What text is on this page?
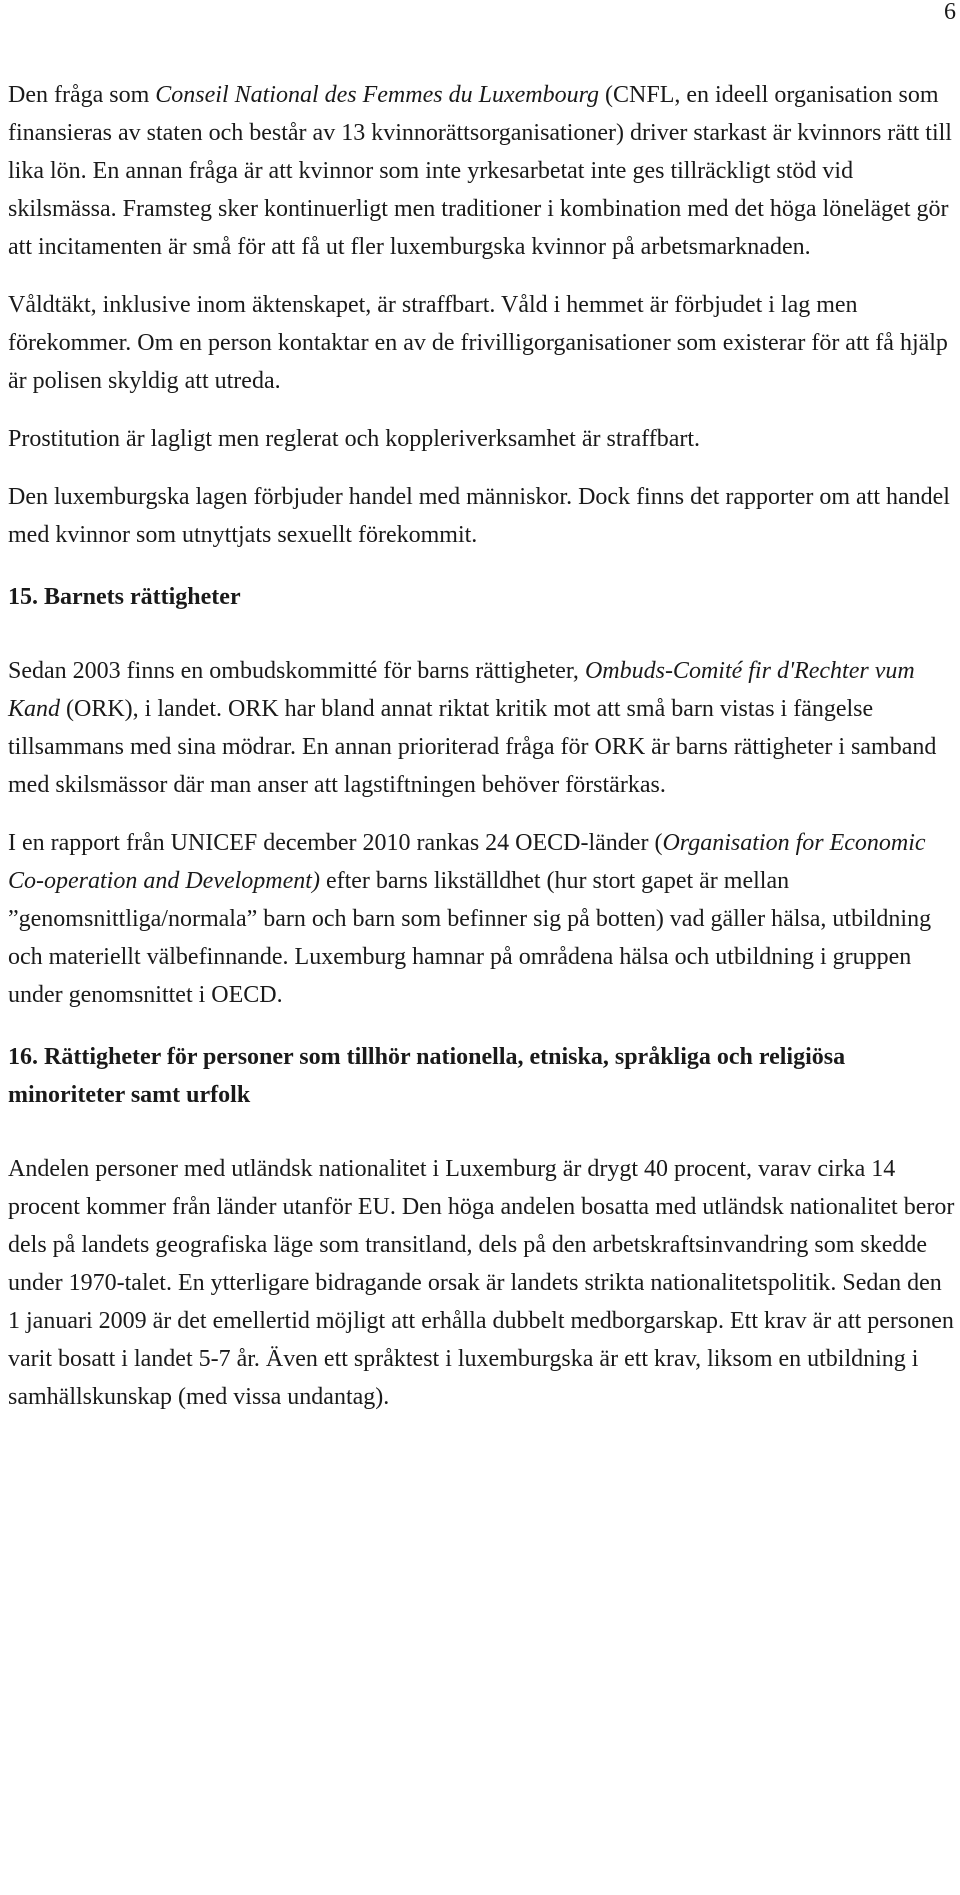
6

Den fråga som Conseil National des Femmes du Luxembourg (CNFL, en ideell organisation som finansieras av staten och består av 13 kvinnorättsorganisationer) driver starkast är kvinnors rätt till lika lön. En annan fråga är att kvinnor som inte yrkesarbetat inte ges tillräckligt stöd vid skilsmässa. Framsteg sker kontinuerligt men traditioner i kombination med det höga löneläget gör att incitamenten är små för att få ut fler luxemburgska kvinnor på arbetsmarknaden.

Våldtäkt, inklusive inom äktenskapet, är straffbart. Våld i hemmet är förbjudet i lag men förekommer. Om en person kontaktar en av de frivilligorganisationer som existerar för att få hjälp är polisen skyldig att utreda.

Prostitution är lagligt men reglerat och koppleriverksamhet är straffbart.

Den luxemburgska lagen förbjuder handel med människor. Dock finns det rapporter om att handel med kvinnor som utnyttjats sexuellt förekommit.

15. Barnets rättigheter

Sedan 2003 finns en ombudskommitté för barns rättigheter, Ombuds-Comité fir d'Rechter vum Kand (ORK), i landet. ORK har bland annat riktat kritik mot att små barn vistas i fängelse tillsammans med sina mödrar. En annan prioriterad fråga för ORK är barns rättigheter i samband med skilsmässor där man anser att lagstiftningen behöver förstärkas.

I en rapport från UNICEF december 2010 rankas 24 OECD-länder (Organisation for Economic Co-operation and Development) efter barns likställdhet (hur stort gapet är mellan ”genomsnittliga/normala” barn och barn som befinner sig på botten) vad gäller hälsa, utbildning och materiellt välbefinnande. Luxemburg hamnar på områdena hälsa och utbildning i gruppen under genomsnittet i OECD.

16. Rättigheter för personer som tillhör nationella, etniska, språkliga och religiösa minoriteter samt urfolk

Andelen personer med utländsk nationalitet i Luxemburg är drygt 40 procent, varav cirka 14 procent kommer från länder utanför EU. Den höga andelen bosatta med utländsk nationalitet beror dels på landets geografiska läge som transitland, dels på den arbetskraftsinvandring som skedde under 1970-talet. En ytterligare bidragande orsak är landets strikta nationalitetspolitik. Sedan den 1 januari 2009 är det emellertid möjligt att erhålla dubbelt medborgarskap. Ett krav är att personen varit bosatt i landet 5-7 år. Även ett språktest i luxemburgska är ett krav, liksom en utbildning i samhällskunskap (med vissa undantag).
